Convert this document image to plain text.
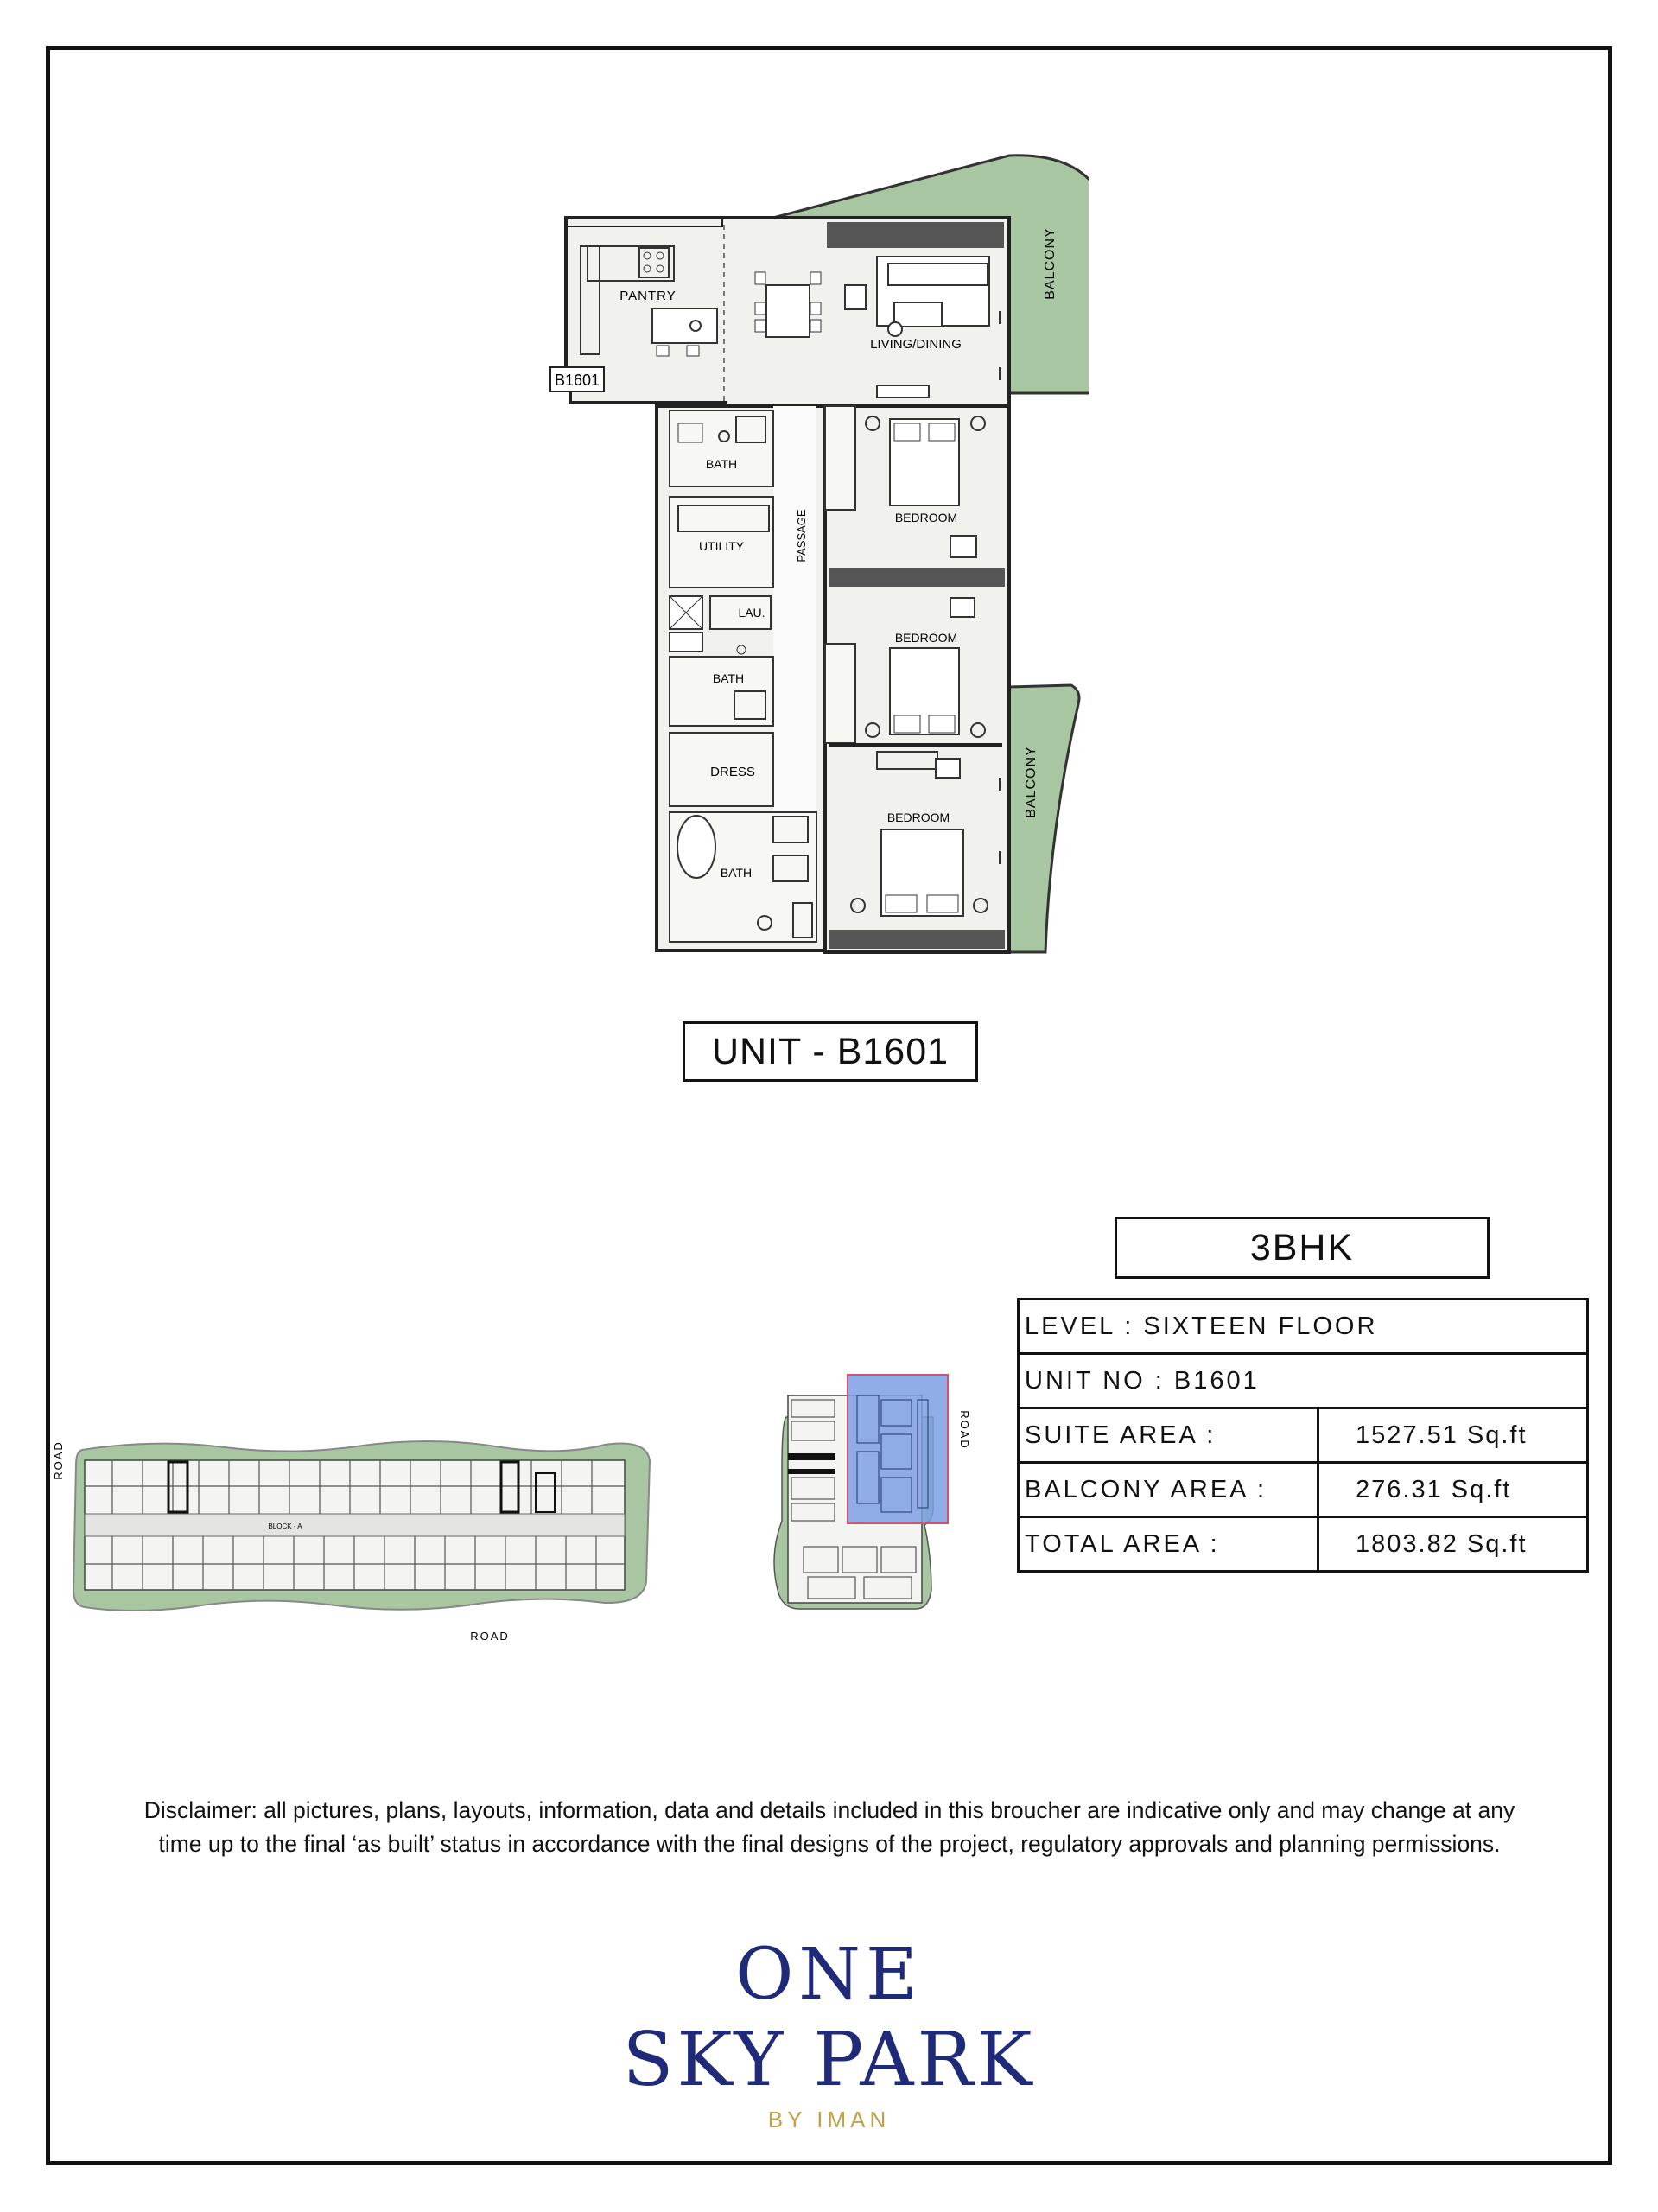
B1601
PANTRY
LIVING/DINING
BALCONY
BALCONY
BATH
UTILITY	PASSAGE
LAU.
BATH
DRESS
BATH
BEDROOM
BEDROOM
BEDROOM
UNIT - B1601
BLOCK - A
ROAD
ROAD
ROAD
3BHK
LEVEL : SIXTEEN FLOOR	
UNIT NO : B1601	
SUITE AREA :	1527.51 Sq.ft
BALCONY AREA :	276.31 Sq.ft
TOTAL AREA :	1803.82 Sq.ft
Disclaimer: all pictures, plans, layouts, information, data and details included in this broucher are indicative only and may change at any time up to the final ‘as built’ status in accordance with the final designs of the project, regulatory approvals and planning permissions.
ONE
SKY PARK
BY IMAN
